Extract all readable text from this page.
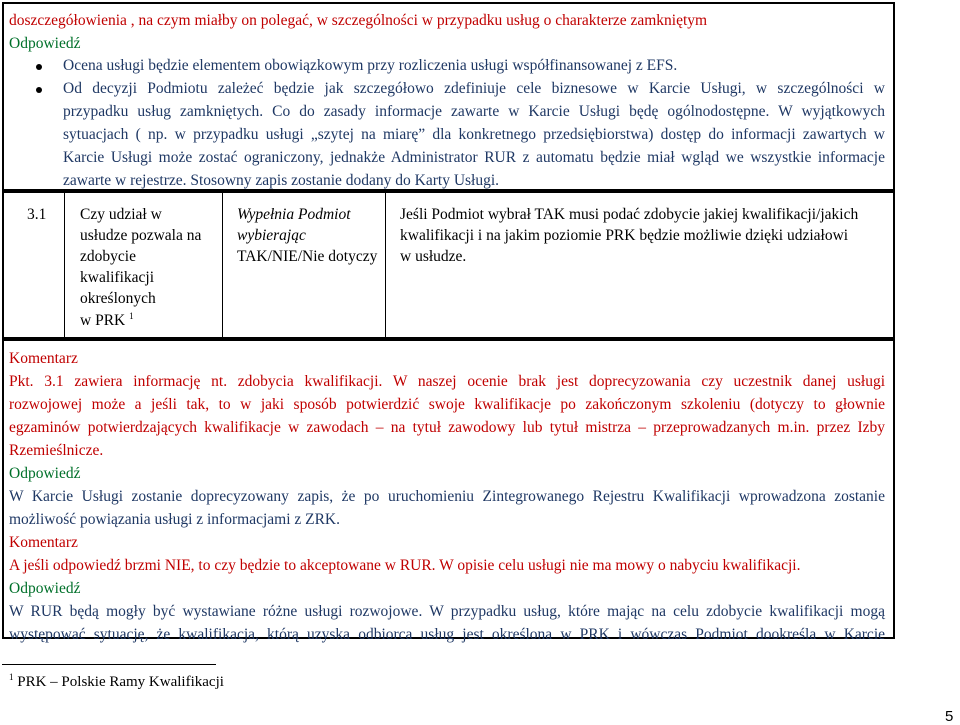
doszczegółowienia , na czym miałby on polegać, w szczególności w przypadku usług o charakterze zamkniętym
Odpowiedź
Ocena usługi będzie elementem obowiązkowym przy rozliczenia usługi współfinansowanej z EFS.
Od decyzji Podmiotu zależeć będzie jak szczegółowo zdefiniuje cele biznesowe w Karcie Usługi, w szczególności w
przypadku usług zamkniętych. Co do zasady informacje zawarte w Karcie Usługi będę ogólnodostępne. W wyjątkowych
sytuacjach ( np. w przypadku usługi „szytej na miarę” dla konkretnego przedsiębiorstwa) dostęp do informacji zawartych w
Karcie Usługi może zostać ograniczony, jednakże Administrator RUR z automatu będzie miał wgląd we wszystkie informacje
zawarte w rejestrze. Stosowny zapis zostanie dodany do Karty Usługi.
3.1 Czy udział w
usłudze pozwala na
zdobycie
kwalifikacji
określonych
w PRK $^1$
Wypełnia Podmiot
wybierając
TAK/NIE/Nie dotyczy
Jeśli Podmiot wybrał TAK musi podać zdobycie jakiej kwalifikacji/jakich
kwalifikacji i na jakim poziomie PRK będzie możliwie dzięki udziałowi
w usłudze.
Komentarz
Pkt. 3.1 zawiera informację nt. zdobycia kwalifikacji. W naszej ocenie brak jest doprecyzowania czy uczestnik danej usługi
rozwojowej może a jeśli tak, to w jaki sposób potwierdzić swoje kwalifikacje po zakończonym szkoleniu (dotyczy to głownie
egzaminów potwierdzających kwalifikacje w zawodach – na tytuł zawodowy lub tytuł mistrza – przeprowadzanych m.in. przez Izby
Rzemieślnicze.
Odpowiedź
W Karcie Usługi zostanie doprecyzowany zapis, że po uruchomieniu Zintegrowanego Rejestru Kwalifikacji wprowadzona zostanie
możliwość powiązania usługi z informacjami z ZRK.
Komentarz
A jeśli odpowiedź brzmi NIE, to czy będzie to akceptowane w RUR. W opisie celu usługi nie ma mowy o nabyciu kwalifikacji.
Odpowiedź
W RUR będą mogły być wystawiane różne usługi rozwojowe. W przypadku usług, które mając na celu zdobycie kwalifikacji mogą
występować sytuację, że kwalifikacja, którą uzyska odbiorca usług jest określona w PRK i wówczas Podmiot dookreśla w Karcie
$^1$ PRK – Polskie Ramy Kwalifikacji
5
